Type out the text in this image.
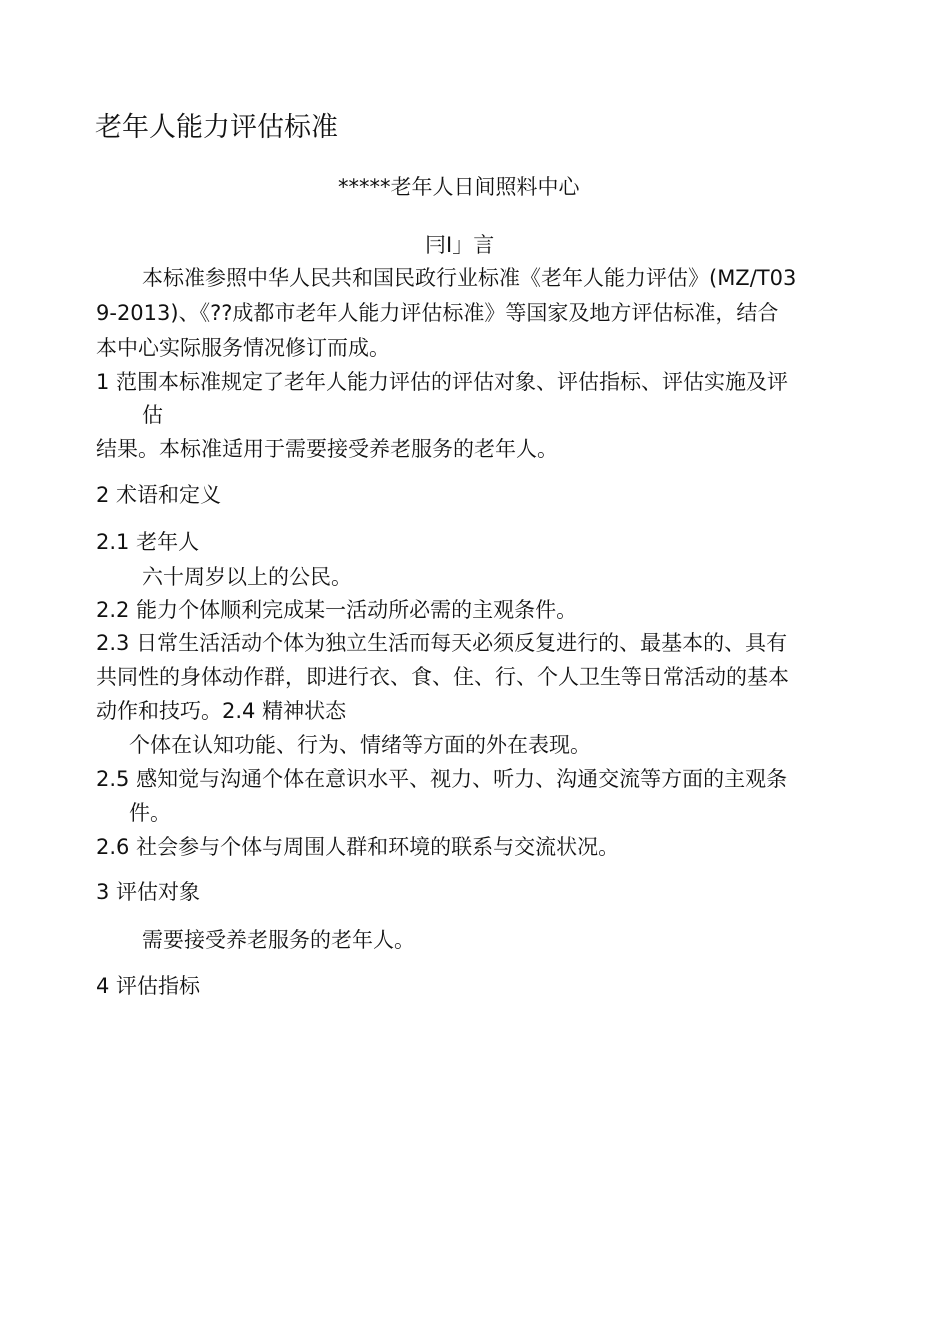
老年人能力评估标准
*****老年人日间照料中心
冃I」言
本标准参照中华人民共和国民政行业标准《老年人能力评估》(MZ/T03
9-2013)、《??成都市老年人能力评估标准》等国家及地方评估标准，结合
本中心实际服务情况修订而成。
1 范围本标准规定了老年人能力评估的评估对象、评估指标、评估实施及评
估
结果。本标准适用于需要接受养老服务的老年人。
2 术语和定义
2.1 老年人
六十周岁以上的公民。
2.2 能力个体顺利完成某一活动所必需的主观条件。
2.3 日常生活活动个体为独立生活而每天必须反复进行的、最基本的、具有
共同性的身体动作群，即进行衣、食、住、行、个人卫生等日常活动的基本
动作和技巧。2.4 精神状态
个体在认知功能、行为、情绪等方面的外在表现。
2.5 感知觉与沟通个体在意识水平、视力、听力、沟通交流等方面的主观条
件。
2.6 社会参与个体与周围人群和环境的联系与交流状况。
3 评估对象
需要接受养老服务的老年人。
4 评估指标
